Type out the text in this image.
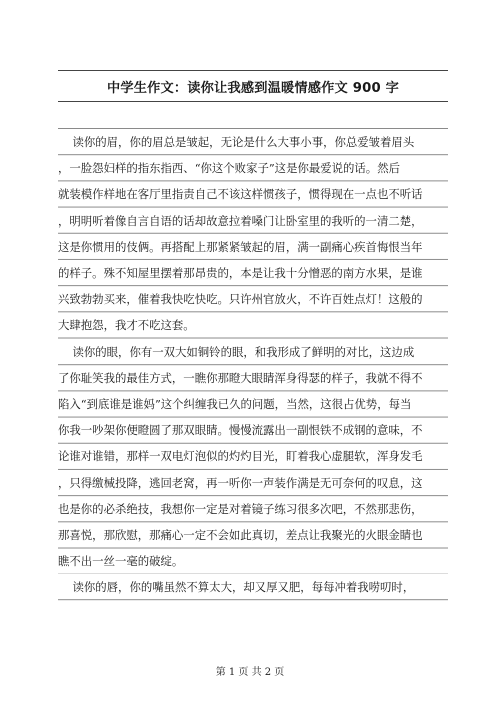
中学生作文：读你让我感到温暖情感作文 900 字
读你的眉，你的眉总是皱起，无论是什么大事小事，你总爱皱着眉头
，一脸怨妇样的指东指西、“你这个败家子”这是你最爱说的话。然后
就装模作样地在客厅里指责自己不该这样惯孩子，惯得现在一点也不听话
，明明听着像自言自语的话却故意拉着嗓门让卧室里的我听的一清二楚，
这是你惯用的伎俩。再搭配上那紧紧皱起的眉，满一副痛心疾首悔恨当年
的样子。殊不知屋里摆着那昂贵的，本是让我十分憎恶的南方水果，是谁
兴致勃勃买来，催着我快吃快吃。只许州官放火，不许百姓点灯！这般的
大肆抱怨，我才不吃这套。
读你的眼，你有一双大如铜铃的眼，和我形成了鲜明的对比，这边成
了你耻笑我的最佳方式，一瞧你那瞪大眼睛浑身得瑟的样子，我就不得不
陷入“到底谁是谁妈”这个纠缠我已久的问题，当然，这很占优势，每当
你我一吵架你便瞪圆了那双眼睛。慢慢流露出一副恨铁不成钢的意味，不
论谁对谁错，那样一双电灯泡似的灼灼目光，盯着我心虚腿软，浑身发毛
，只得缴械投降，逃回老窝，再一听你一声装作满是无可奈何的叹息，这
也是你的必杀绝技，我想你一定是对着镜子练习很多次吧，不然那悲伤，
那喜悦，那欣慰，那痛心一定不会如此真切，差点让我聚光的火眼金睛也
瞧不出一丝一毫的破绽。
读你的唇，你的嘴虽然不算太大，却又厚又肥，每每冲着我唠叨时，
第 1 页 共 2 页
